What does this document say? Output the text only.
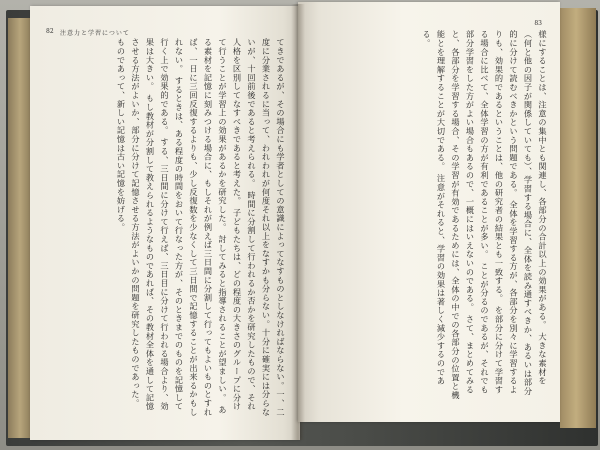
82 注意力と学習について
てきであるが、その場合にも学者としての意識によってなすものとしなければならない。一、二度に分業されるに当って、われわれが何度それ以上をなすかも分らない。十分に確実には分らないが、十回前後であると考えられる。 時間に分割して行われるか否かを研究したもので、それ人格を区別してなすべきであると考えた。 子どもたちは、どの程度の大きさのグループに分けて行うことが学習上の効果があるかを研究した。 討してみると指導されることが望ましい。 ある素材を記憶に刻みつける場合に、もしそれが例えば三日間に分割して行ってもよいものとすれば、一日に三回反復するよりも、少し反復数を少なくして三日間で記憶することが出来るかもしれない。 するときは、ある程度の時間をおいて行なった方が、そのときまでのものを記憶して行く上で効果的である。 する、三日間に分けて行えば、三日目に分けて行われる場合より、効果は大きい。 もし教材が分割して教えられるようなものであれば、その教材全体を通して記憶させる方法がよいか、部分に分けて記憶させる方法がよいかの問題を研究したものであった。 ものであって、新しい記憶は古い記憶を妨げる。
83
様にすることは、注意の集中とも関連し、各部分の合計以上の効果がある。 大きな素材を（何と他の因子が関係していても）、学習する場合に、全体を読み通すべきか、あるいは部分的に分けて読むべきかという問題である。 全体を学習する方が、各部分を別々に学習するよりも、効果的であるということは、他の研究者の結果とも一致する。 を部分に分けて学習する場合に比べて、全体学習の方が有利であることが多い。 ことが分るのであるが、それでも部分学習をした方がよい場合もあるので、一概にはいえないのである。 さて、まとめてみると、各部分を学習する場合、その学習が有効であるためには、全体の中での各部分の位置と機能とを理解することが大切である。 注意がそれると、学習の効果は著しく減少するのである。
